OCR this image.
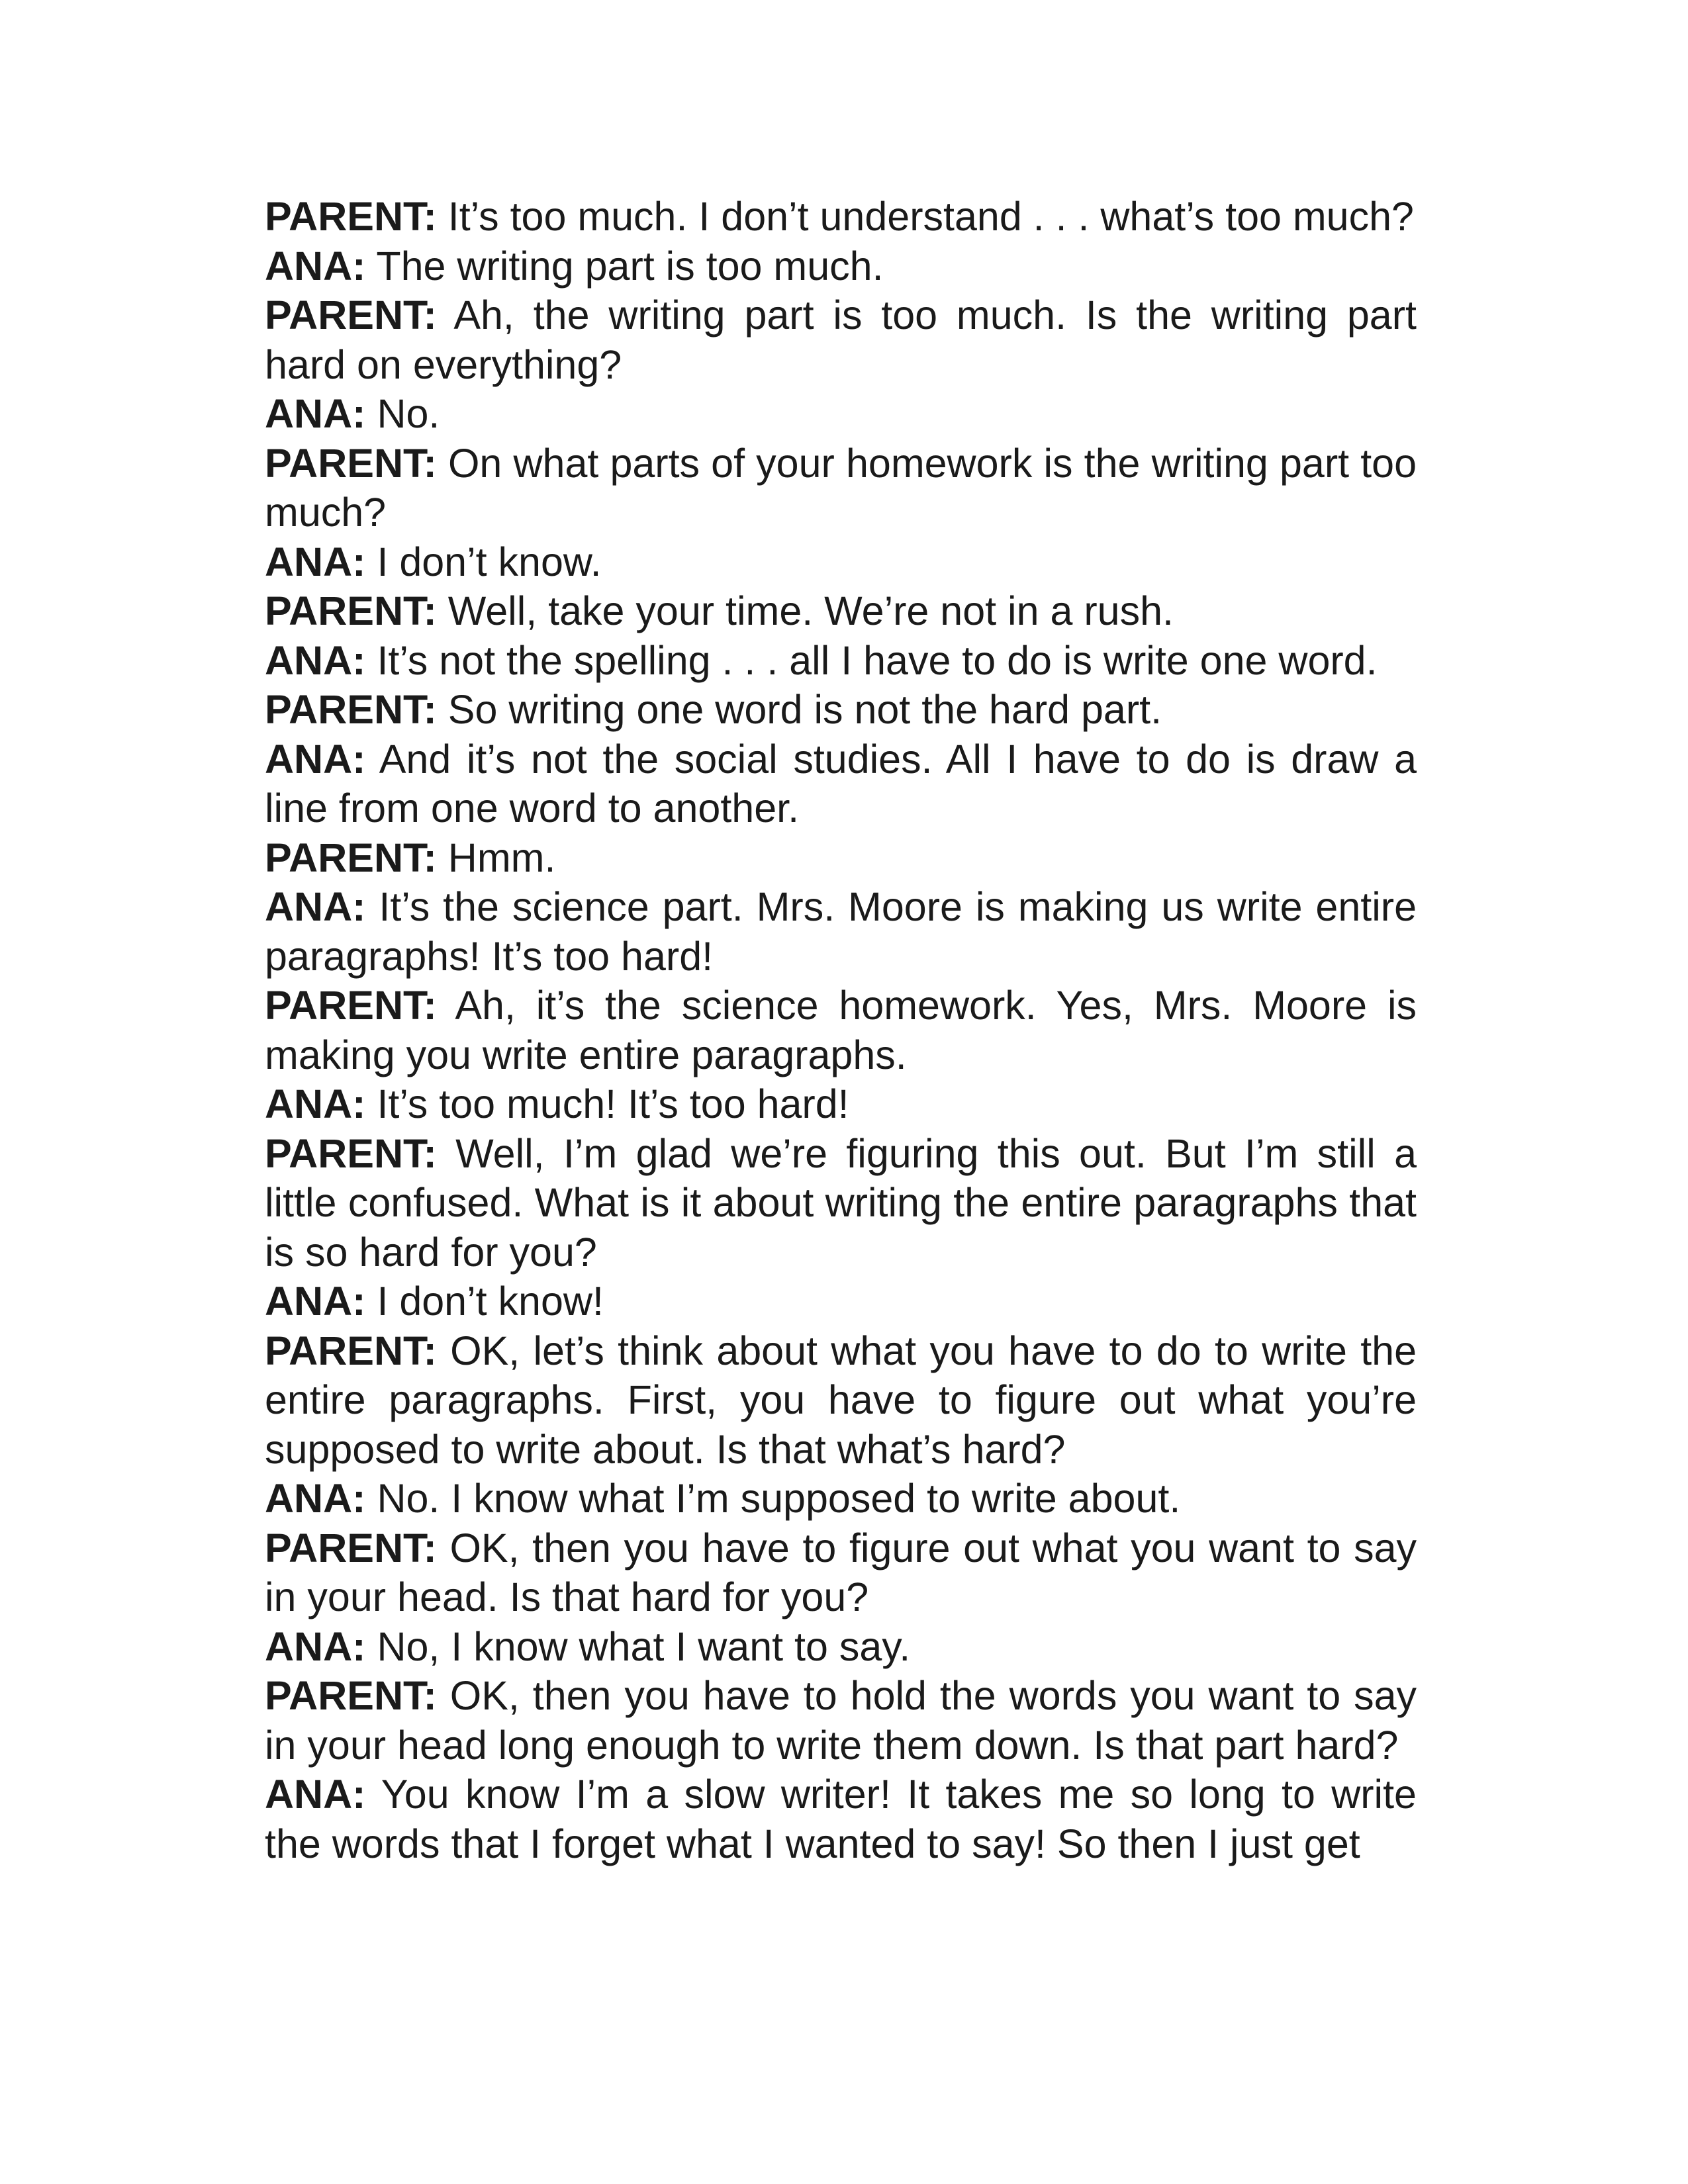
PARENT: It’s too much. I don’t understand . . . what’s too much?

ANA: The writing part is too much.

PARENT: Ah, the writing part is too much. Is the writing part hard on everything?

ANA: No.

PARENT: On what parts of your homework is the writing part too much?

ANA: I don’t know.

PARENT: Well, take your time. We’re not in a rush.

ANA: It’s not the spelling . . . all I have to do is write one word.

PARENT: So writing one word is not the hard part.

ANA: And it’s not the social studies. All I have to do is draw a line from one word to another.

PARENT: Hmm.

ANA: It’s the science part. Mrs. Moore is making us write entire paragraphs! It’s too hard!

PARENT: Ah, it’s the science homework. Yes, Mrs. Moore is making you write entire paragraphs.

ANA: It’s too much! It’s too hard!

PARENT: Well, I’m glad we’re figuring this out. But I’m still a little confused. What is it about writing the entire paragraphs that is so hard for you?

ANA: I don’t know!

PARENT: OK, let’s think about what you have to do to write the entire paragraphs. First, you have to figure out what you’re supposed to write about. Is that what’s hard?

ANA: No. I know what I’m supposed to write about.

PARENT: OK, then you have to figure out what you want to say in your head. Is that hard for you?

ANA: No, I know what I want to say.

PARENT: OK, then you have to hold the words you want to say in your head long enough to write them down. Is that part hard?

ANA: You know I’m a slow writer! It takes me so long to write the words that I forget what I wanted to say! So then I just get
